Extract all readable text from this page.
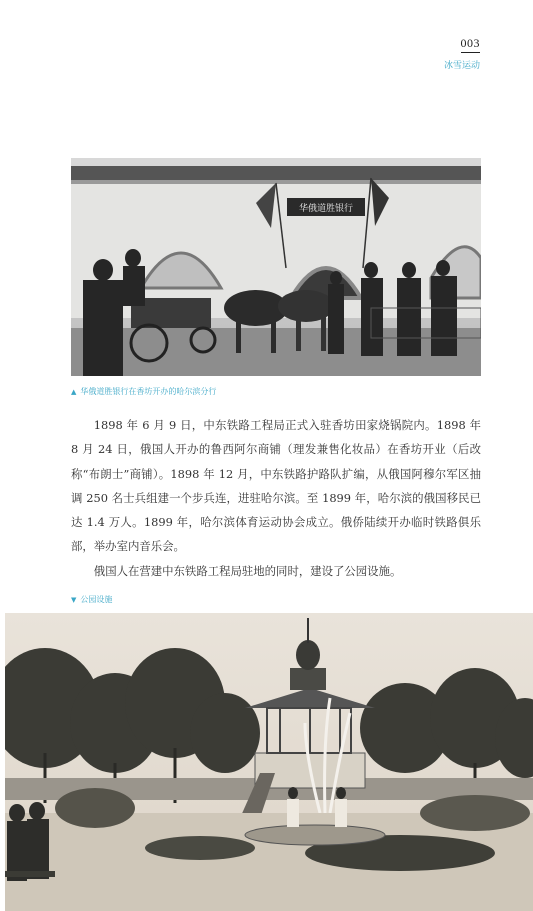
003
冰雪运动
华俄道胜银行
▲ 华俄道胜银行在香坊开办的哈尔滨分行

1898 年 6 月 9 日，中东铁路工程局正式入驻香坊田家烧锅院内。1898 年 8 月 24 日，俄国人开办的鲁西阿尔商铺（理发兼售化妆品）在香坊开业（后改称“布朗士”商铺）。1898 年 12 月，中东铁路护路队扩编，从俄国阿穆尔军区抽调 250 名士兵组建一个步兵连，进驻哈尔滨。至 1899 年，哈尔滨的俄国移民已达 1.4 万人。1899 年，哈尔滨体育运动协会成立。俄侨陆续开办临时铁路俱乐部，举办室内音乐会。

俄国人在营建中东铁路工程局驻地的同时，建设了公园设施。

▼ 公园设施
